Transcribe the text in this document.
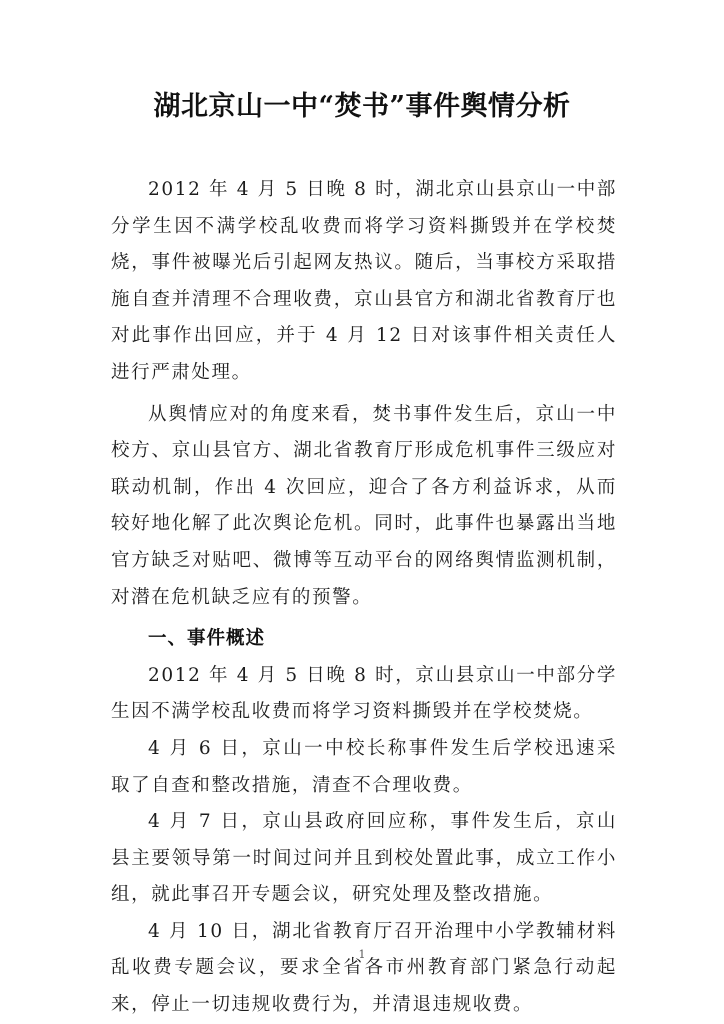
湖北京山一中“焚书”事件舆情分析

2012 年 4 月 5 日晚 8 时，湖北京山县京山一中部分学生因不满学校乱收费而将学习资料撕毁并在学校焚烧，事件被曝光后引起网友热议。随后，当事校方采取措施自查并清理不合理收费，京山县官方和湖北省教育厅也对此事作出回应，并于 4 月 12 日对该事件相关责任人进行严肃处理。

从舆情应对的角度来看，焚书事件发生后，京山一中校方、京山县官方、湖北省教育厅形成危机事件三级应对联动机制，作出 4 次回应，迎合了各方利益诉求，从而较好地化解了此次舆论危机。同时，此事件也暴露出当地官方缺乏对贴吧、微博等互动平台的网络舆情监测机制，对潜在危机缺乏应有的预警。

一、事件概述

2012 年 4 月 5 日晚 8 时，京山县京山一中部分学生因不满学校乱收费而将学习资料撕毁并在学校焚烧。

4 月 6 日，京山一中校长称事件发生后学校迅速采取了自查和整改措施，清查不合理收费。

4 月 7 日，京山县政府回应称，事件发生后，京山县主要领导第一时间过问并且到校处置此事，成立工作小组，就此事召开专题会议，研究处理及整改措施。

4 月 10 日，湖北省教育厅召开治理中小学教辅材料乱收费专题会议，要求全省各市州教育部门紧急行动起来，停止一切违规收费行为，并清退违规收费。

1
